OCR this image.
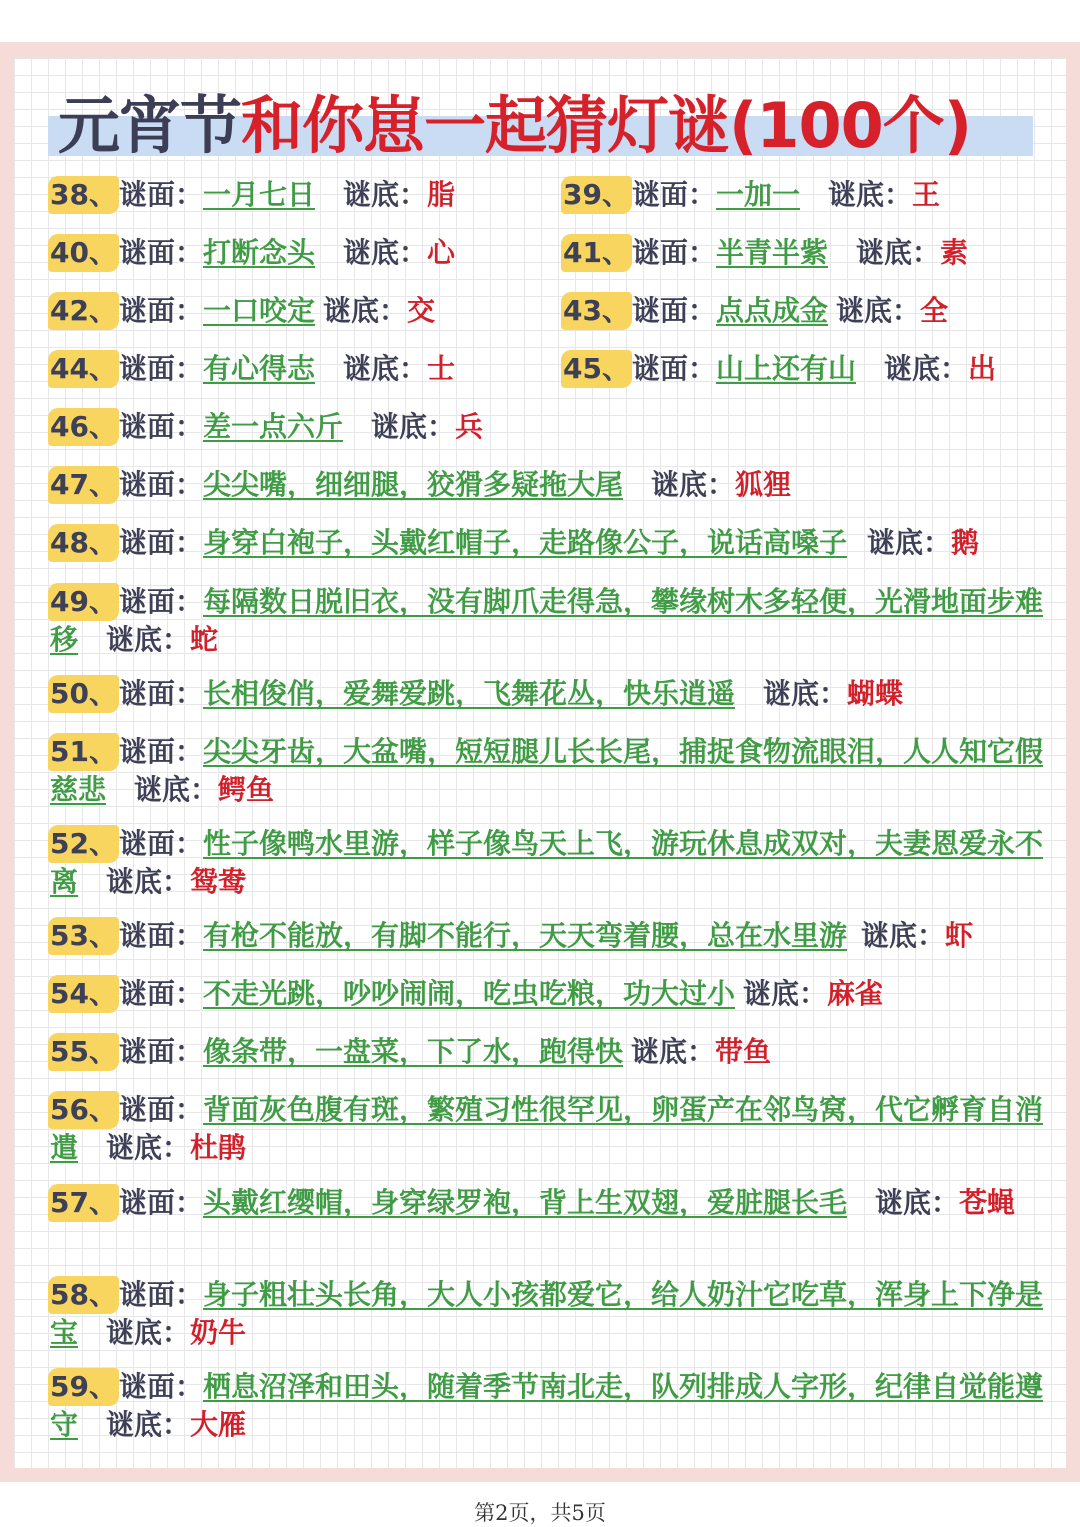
元宵节和你崽一起猜灯谜(100个)
38、谜面：一月七日 谜底：脂	39、谜面：一加一 谜底：王
40、谜面：打断念头 谜底：心	41、谜面：半青半紫 谜底：素
42、谜面：一口咬定 谜底：交	43、谜面：点点成金 谜底：全
44、谜面：有心得志 谜底：士	45、谜面：山上还有山 谜底：出
46、谜面：差一点六斤 谜底：兵
47、谜面：尖尖嘴，细细腿，狡猾多疑拖大尾 谜底：狐狸
48、谜面：身穿白袍子，头戴红帽子，走路像公子，说话高嗓子 谜底：鹅
49、谜面：每隔数日脱旧衣，没有脚爪走得急，攀缘树木多轻便，光滑地面步难移 谜底：蛇
50、谜面：长相俊俏，爱舞爱跳，飞舞花丛，快乐逍遥 谜底：蝴蝶
51、谜面：尖尖牙齿，大盆嘴，短短腿儿长长尾，捕捉食物流眼泪，人人知它假慈悲 谜底：鳄鱼
52、谜面：性子像鸭水里游，样子像鸟天上飞，游玩休息成双对，夫妻恩爱永不离 谜底：鸳鸯
53、谜面：有枪不能放，有脚不能行，天天弯着腰，总在水里游 谜底：虾
54、谜面：不走光跳，吵吵闹闹，吃虫吃粮，功大过小 谜底：麻雀
55、谜面：像条带，一盘菜，下了水，跑得快 谜底：带鱼
56、谜面：背面灰色腹有斑，繁殖习性很罕见，卵蛋产在邻鸟窝，代它孵育自消遣 谜底：杜鹃
57、谜面：头戴红缨帽，身穿绿罗袍，背上生双翅，爱脏腿长毛 谜底：苍蝇
58、谜面：身子粗壮头长角，大人小孩都爱它，给人奶汁它吃草，浑身上下净是宝 谜底：奶牛
59、谜面：栖息沼泽和田头，随着季节南北走，队列排成人字形，纪律自觉能遵守 谜底：大雁
第2页，共5页
